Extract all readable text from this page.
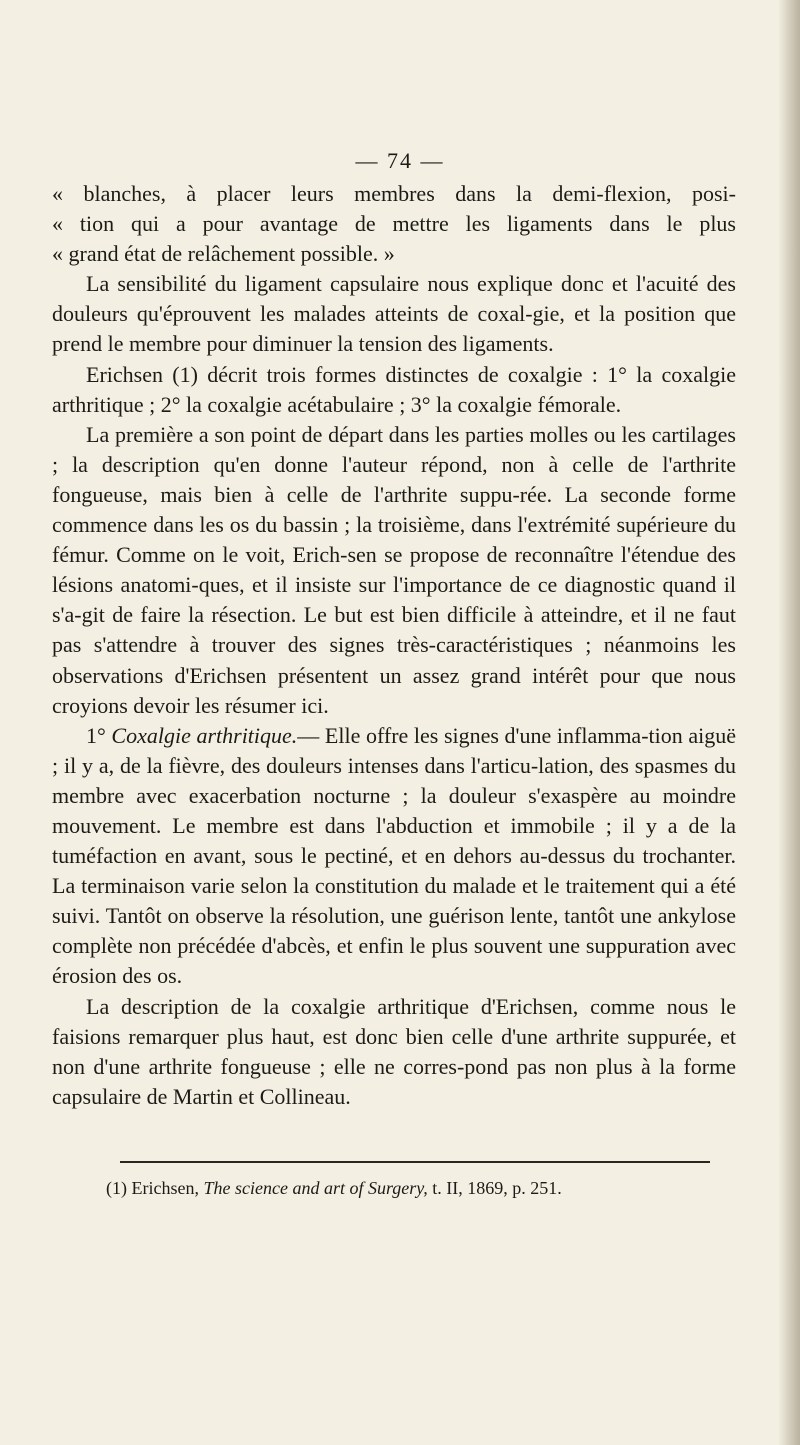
— 74 —

« blanches, à placer leurs membres dans la demi-flexion, posi-
« tion qui a pour avantage de mettre les ligaments dans le plus
« grand état de relâchement possible. »

La sensibilité du ligament capsulaire nous explique donc et l'acuité des douleurs qu'éprouvent les malades atteints de coxal-gie, et la position que prend le membre pour diminuer la tension des ligaments.

Erichsen (1) décrit trois formes distinctes de coxalgie : 1° la coxalgie arthritique ; 2° la coxalgie acétabulaire ; 3° la coxalgie fémorale.

La première a son point de départ dans les parties molles ou les cartilages ; la description qu'en donne l'auteur répond, non à celle de l'arthrite fongueuse, mais bien à celle de l'arthrite suppu-rée. La seconde forme commence dans les os du bassin ; la troisième, dans l'extrémité supérieure du fémur. Comme on le voit, Erich-sen se propose de reconnaître l'étendue des lésions anatomi-ques, et il insiste sur l'importance de ce diagnostic quand il s'a-git de faire la résection. Le but est bien difficile à atteindre, et il ne faut pas s'attendre à trouver des signes très-caractéristiques ; néanmoins les observations d'Erichsen présentent un assez grand intérêt pour que nous croyions devoir les résumer ici.

1° Coxalgie arthritique.— Elle offre les signes d'une inflamma-tion aiguë ; il y a, de la fièvre, des douleurs intenses dans l'articu-lation, des spasmes du membre avec exacerbation nocturne ; la douleur s'exaspère au moindre mouvement. Le membre est dans l'abduction et immobile ; il y a de la tuméfaction en avant, sous le pectiné, et en dehors au-dessus du trochanter. La terminaison varie selon la constitution du malade et le traitement qui a été suivi. Tantôt on observe la résolution, une guérison lente, tantôt une ankylose complète non précédée d'abcès, et enfin le plus souvent une suppuration avec érosion des os.

La description de la coxalgie arthritique d'Erichsen, comme nous le faisions remarquer plus haut, est donc bien celle d'une arthrite suppurée, et non d'une arthrite fongueuse ; elle ne corres-pond pas non plus à la forme capsulaire de Martin et Collineau.

(1) Erichsen, The science and art of Surgery, t. II, 1869, p. 251.
